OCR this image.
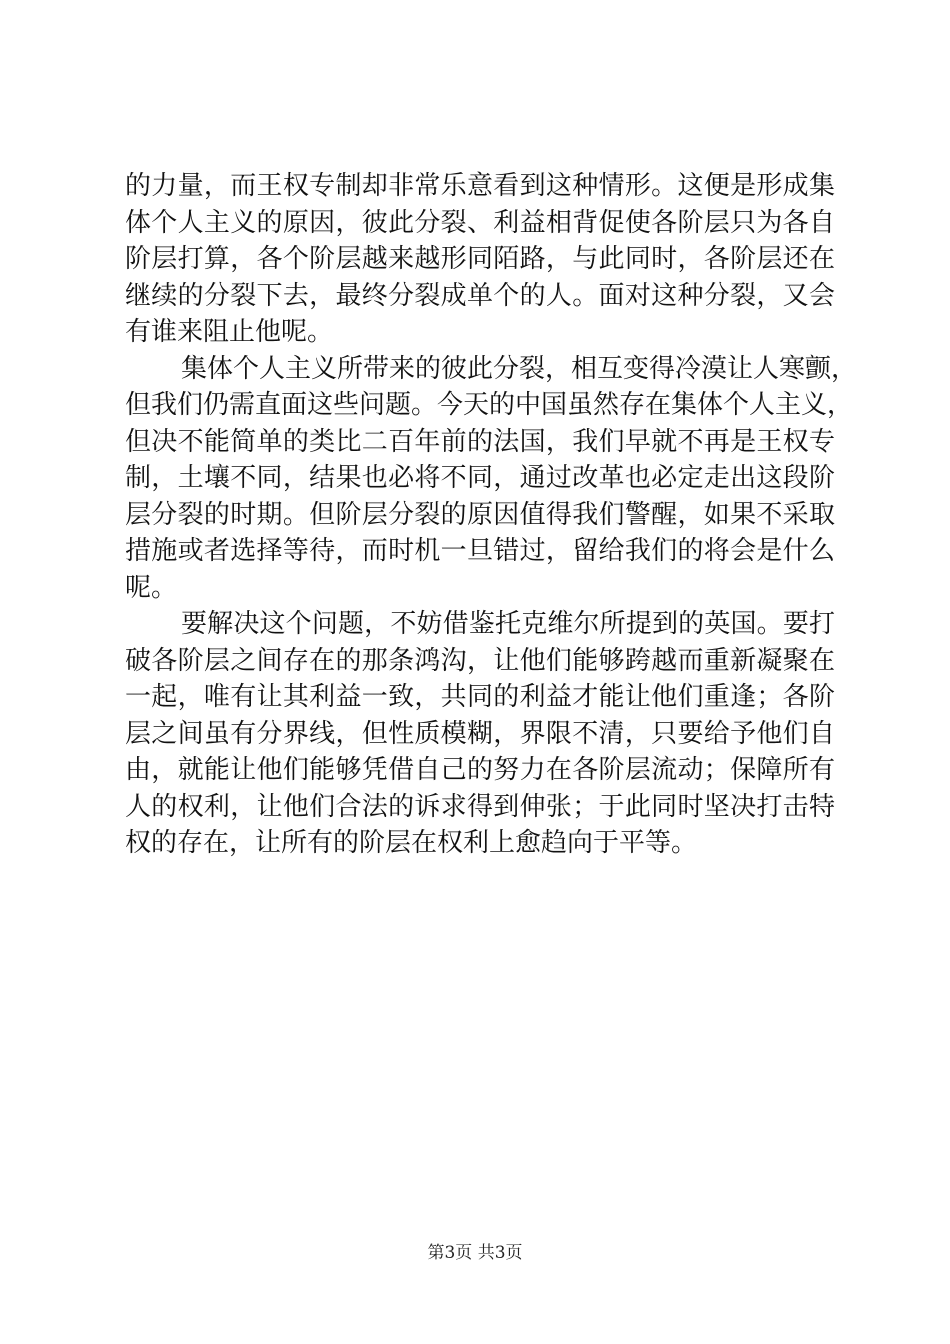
的力量，而王权专制却非常乐意看到这种情形。这便是形成集
体个人主义的原因，彼此分裂、利益相背促使各阶层只为各自
阶层打算，各个阶层越来越形同陌路，与此同时，各阶层还在
继续的分裂下去，最终分裂成单个的人。面对这种分裂，又会
有谁来阻止他呢。
集体个人主义所带来的彼此分裂，相互变得冷漠让人寒颤，
但我们仍需直面这些问题。今天的中国虽然存在集体个人主义，
但决不能简单的类比二百年前的法国，我们早就不再是王权专
制，土壤不同，结果也必将不同，通过改革也必定走出这段阶
层分裂的时期。但阶层分裂的原因值得我们警醒，如果不采取
措施或者选择等待，而时机一旦错过，留给我们的将会是什么
呢。
要解决这个问题，不妨借鉴托克维尔所提到的英国。要打
破各阶层之间存在的那条鸿沟，让他们能够跨越而重新凝聚在
一起，唯有让其利益一致，共同的利益才能让他们重逢；各阶
层之间虽有分界线，但性质模糊，界限不清，只要给予他们自
由，就能让他们能够凭借自己的努力在各阶层流动；保障所有
人的权利，让他们合法的诉求得到伸张；于此同时坚决打击特
权的存在，让所有的阶层在权利上愈趋向于平等。
第3页 共3页
